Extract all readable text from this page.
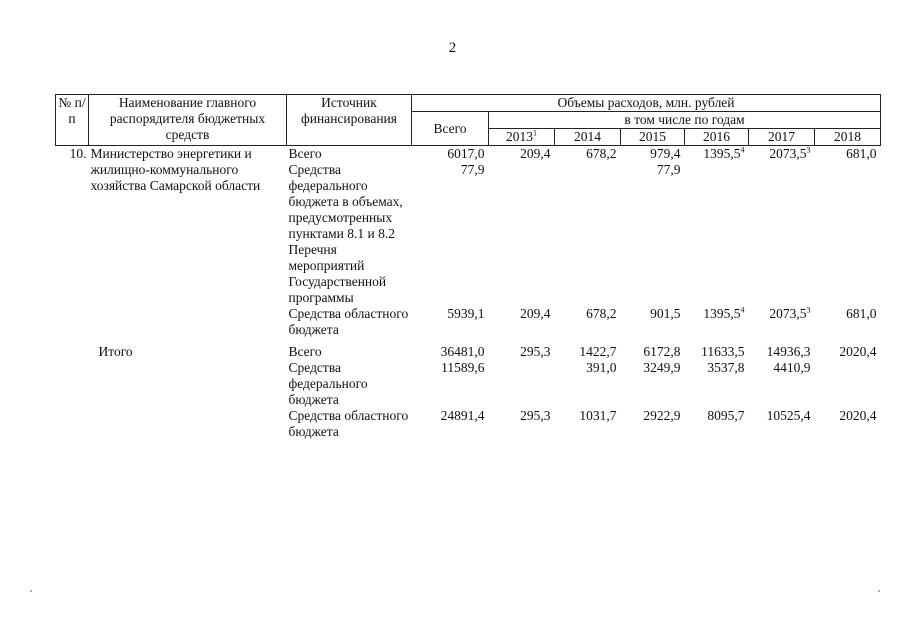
2
№ п/п	Наименование главного распорядителя бюджетных средств	Источник финансирования	Объемы расходов, млн. рублей						
			Всего	в том числе по годам					
				2013$^1$	2014	2015	2016	2017	2018
10.	Министерство энергетики и жилищно-коммунального хозяйства Самарской области	Всего	6017,0	209,4	678,2	979,4	1395,5$^4$	2073,5$^3$	681,0
		Средства федерального бюджета в объемах, предусмотренных пунктами 8.1 и 8.2 Перечня мероприятий Государственной программы	77,9			77,9			
		Средства областного бюджета	5939,1	209,4	678,2	901,5	1395,5$^4$	2073,5$^3$	681,0
	Итого	Всего	36481,0	295,3	1422,7	6172,8	11633,5	14936,3	2020,4
		Средства федерального бюджета	11589,6		391,0	3249,9	3537,8	4410,9	
		Средства областного бюджета	24891,4	295,3	1031,7	2922,9	8095,7	10525,4	2020,4
